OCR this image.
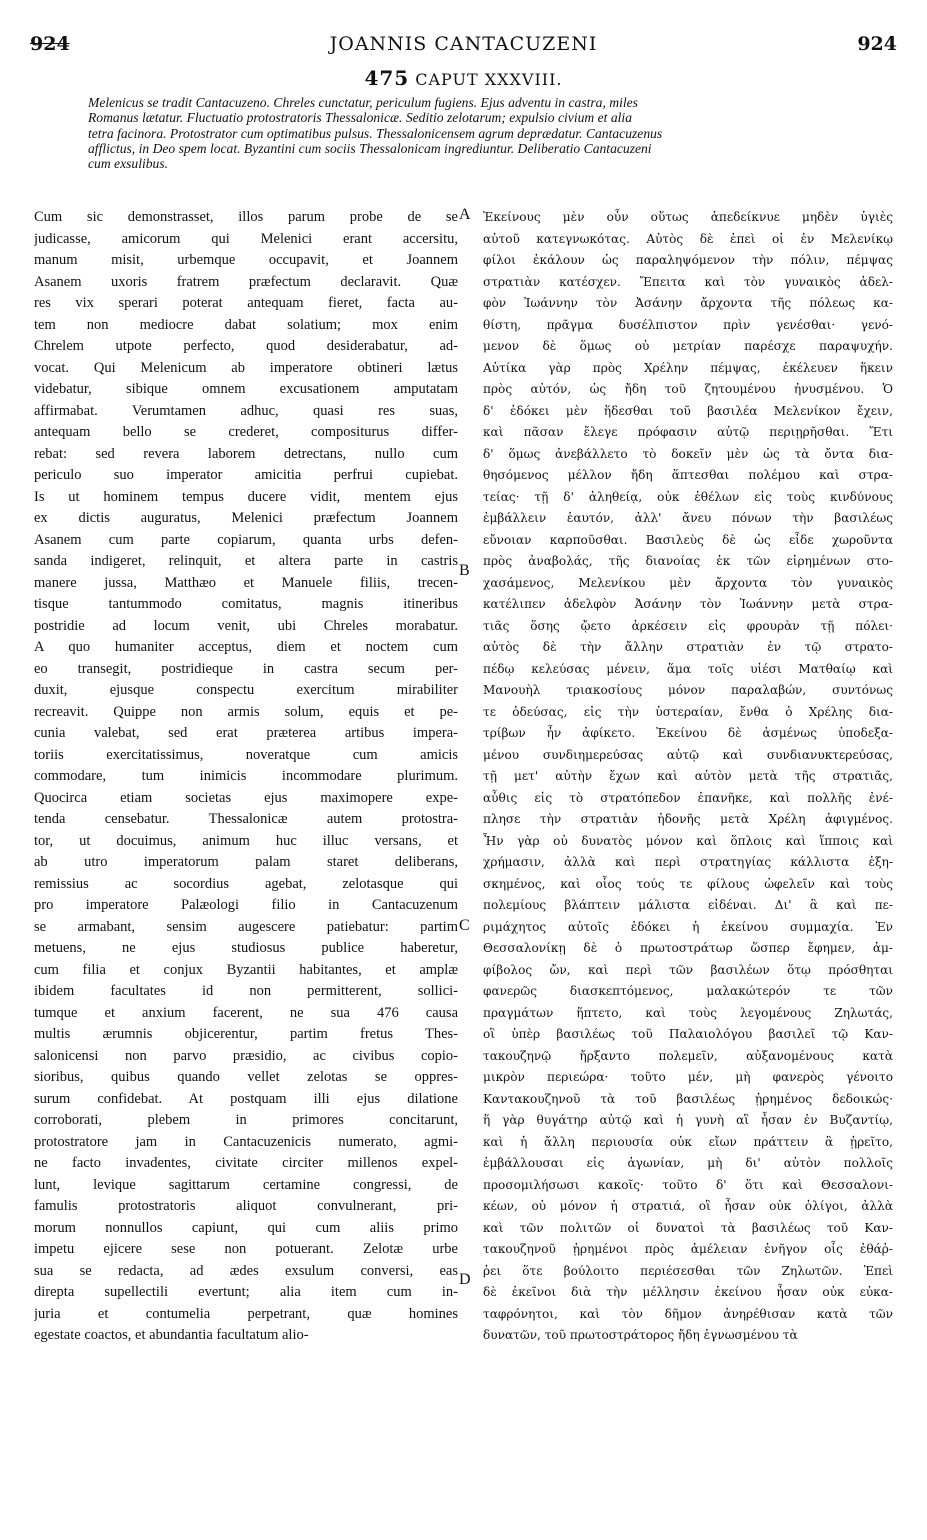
924	JOANNIS CANTACUZENI	924
475 CAPUT XXXVIII.
Melenicus se tradit Cantacuzeno. Chreles cunctatur, periculum fugiens. Ejus adventu in castra, miles
Romanus lætatur. Fluctuatio protostratoris Thessalonicæ. Seditio zelotarum; expulsio civium et alia
tetra facinora. Protostrator cum optimatibus pulsus. Thessalonicensem agrum deprædatur. Cantacuzenus
afflictus, in Deo spem locat. Byzantini cum sociis Thessalonicam ingrediuntur. Deliberatio Cantacuzeni
cum exsulibus.
Cum sic demonstrasset, illos parum probe de se
judicasse, amicorum qui Melenici erant accersitu,
manum misit, urbemque occupavit, et Joannem
Asanem uxoris fratrem præfectum declaravit. Quæ
res vix sperari poterat antequam fieret, facta au-
tem non mediocre dabat solatium; mox enim
Chrelem utpote perfecto, quod desiderabatur, ad-
vocat. Qui Melenicum ab imperatore obtineri lætus
videbatur, sibique omnem excusationem amputatam
affirmabat. Verumtamen adhuc, quasi res suas,
antequam bello se crederet, compositurus differ-
rebat: sed revera laborem detrectans, nullo cum
periculo suo imperator amicitia perfrui cupiebat.
Is ut hominem tempus ducere vidit, mentem ejus
ex dictis auguratus, Melenici præfectum Joannem
Asanem cum parte copiarum, quanta urbs defen-
sanda indigeret, relinquit, et altera parte in castris
manere jussa, Matthæo et Manuele filiis, trecen-
tisque tantummodo comitatus, magnis itineribus
postridie ad locum venit, ubi Chreles morabatur.
A quo humaniter acceptus, diem et noctem cum
eo transegit, postridieque in castra secum per-
duxit, ejusque conspectu exercitum mirabiliter
recreavit. Quippe non armis solum, equis et pe-
cunia valebat, sed erat præterea artibus impera-
toriis exercitatissimus, noveratque cum amicis
commodare, tum inimicis incommodare plurimum.
Quocirca etiam societas ejus maximopere expe-
tenda censebatur. Thessalonicæ autem protostra-
tor, ut docuimus, animum huc illuc versans, et
ab utro imperatorum palam staret deliberans,
remissius ac socordius agebat, zelotasque qui
pro imperatore Palæologi filio in Cantacuzenum
se armabant, sensim augescere patiebatur: partim
metuens, ne ejus studiosus publice haberetur,
cum filia et conjux Byzantii habitantes, et amplæ
ibidem facultates id non permitterent, sollici-
tumque et anxium facerent, ne sua 476 causa
multis ærumnis objicerentur, partim fretus Thes-
salonicensi non parvo præsidio, ac civibus copio-
sioribus, quibus quando vellet zelotas se oppres-
surum confidebat. At postquam illi ejus dilatione
corroborati, plebem in primores concitarunt,
protostratore jam in Cantacuzenicis numerato, agmi-
ne facto invadentes, civitate circiter millenos expel-
lunt, levique sagittarum certamine congressi, de
famulis protostratoris aliquot convulnerant, pri-
morum nonnullos capiunt, qui cum aliis primo
impetu ejicere sese non potuerant. Zelotæ urbe
sua se redacta, ad ædes exsulum conversi, eas
direpta supellectili evertunt; alia item cum in-
juria et contumelia perpetrant, quæ homines
egestate coactos, et abundantia facultatum alio-
Ἐκείνους μὲν οὖν οὕτως ἀπεδείκνυε μηδὲν ὑγιὲς
αὐτοῦ κατεγνωκότας. Αὐτὸς δὲ ἐπεὶ οἱ ἐν Μελενίκῳ
φίλοι ἐκάλουν ὡς παραληψόμενον τὴν πόλιν, πέμψας
στρατιὰν κατέσχεν. Ἔπειτα καὶ τὸν γυναικὸς ἀδελ-
φὸν Ἰωάννην τὸν Ἀσάνην ἄρχοντα τῆς πόλεως κα-
θίστη, πρᾶγμα δυσέλπιστον πρὶν γενέσθαι· γενό-
μενον δὲ ὅμως οὐ μετρίαν παρέσχε παραψυχήν.
Αὐτίκα γὰρ πρὸς Χρέλην πέμψας, ἐκέλευεν ἥκειν
πρὸς αὐτόν, ὡς ἤδη τοῦ ζητουμένου ἠνυσμένου. Ὁ
δ' ἐδόκει μὲν ἥδεσθαι τοῦ βασιλέα Μελενίκον ἔχειν,
καὶ πᾶσαν ἔλεγε πρόφασιν αὐτῷ περιῃρῆσθαι. Ἔτι
δ' ὅμως ἀνεβάλλετο τὸ δοκεῖν μὲν ὡς τὰ ὄντα δια-
θησόμενος μέλλον ἤδη ἅπτεσθαι πολέμου καὶ στρα-
τείας· τῇ δ' ἀληθείᾳ, οὐκ ἐθέλων εἰς τοὺς κινδύνους
ἐμβάλλειν ἑαυτόν, ἀλλ' ἄνευ πόνων τὴν βασιλέως
εὔνοιαν καρποῦσθαι. Βασιλεὺς δὲ ὡς εἶδε χωροῦντα
πρὸς ἀναβολάς, τῆς διανοίας ἐκ τῶν εἰρημένων στο-
χασάμενος, Μελενίκου μὲν ἄρχοντα τὸν γυναικὸς
κατέλιπεν ἀδελφὸν Ἀσάνην τὸν Ἰωάννην μετὰ στρα-
τιᾶς ὅσης ᾤετο ἀρκέσειν εἰς φρουρὰν τῇ πόλει·
αὐτὸς δὲ τὴν ἄλλην στρατιὰν ἐν τῷ στρατο-
πέδῳ κελεύσας μένειν, ἅμα τοῖς υἱέσι Ματθαίῳ καὶ
Μανουὴλ τριακοσίους μόνον παραλαβών, συντόνως
τε ὁδεύσας, εἰς τὴν ὑστεραίαν, ἔνθα ὁ Χρέλης δια-
τρίβων ἦν ἀφίκετο. Ἐκείνου δὲ ἀσμένως ὑποδεξα-
μένου συνδιημερεύσας αὐτῷ καὶ συνδιανυκτερεύσας,
τῇ μετ' αὐτὴν ἔχων καὶ αὐτὸν μετὰ τῆς στρατιᾶς,
αὖθις εἰς τὸ στρατόπεδον ἐπανῆκε, καὶ πολλῆς ἐνέ-
πλησε τὴν στρατιὰν ἡδονῆς μετὰ Χρέλη ἀφιγμένος.
Ἦν γὰρ οὐ δυνατὸς μόνον καὶ ὅπλοις καὶ ἵπποις καὶ
χρήμασιν, ἀλλὰ καὶ περὶ στρατηγίας κάλλιστα ἐξη-
σκημένος, καὶ οἷος τούς τε φίλους ὠφελεῖν καὶ τοὺς
πολεμίους βλάπτειν μάλιστα εἰδέναι. Δι' ἃ καὶ πε-
ριμάχητος αὐτοῖς ἐδόκει ἡ ἐκείνου συμμαχία. Ἐν
Θεσσαλονίκῃ δὲ ὁ πρωτοστράτωρ ὥσπερ ἔφημεν, ἀμ-
φίβολος ὤν, καὶ περὶ τῶν βασιλέων ὅτῳ πρόσθηται
φανερῶς διασκεπτόμενος, μαλακώτερόν τε τῶν
πραγμάτων ἥπτετο, καὶ τοὺς λεγομένους Ζηλωτάς,
οἳ ὑπὲρ βασιλέως τοῦ Παλαιολόγου βασιλεῖ τῷ Καν-
τακουζηνῷ ἤρξαντο πολεμεῖν, αὐξανομένους κατὰ
μικρὸν περιεώρα· τοῦτο μέν, μὴ φανερὸς γένοιτο
Καντακουζηνοῦ τὰ τοῦ βασιλέως ᾑρημένος δεδοικώς·
ἥ γὰρ θυγάτηρ αὐτῷ καὶ ἡ γυνὴ αἳ ἦσαν ἐν Βυζαντίῳ,
καὶ ἡ ἄλλη περιουσία οὐκ εἴων πράττειν ἃ ᾑρεῖτο,
ἐμβάλλουσαι εἰς ἀγωνίαν, μὴ δι' αὐτὸν πολλοῖς
προσομιλήσωσι κακοῖς· τοῦτο δ' ὅτι καὶ Θεσσαλονι-
κέων, οὐ μόνον ἡ στρατιά, οἳ ἦσαν οὐκ ὀλίγοι, ἀλλὰ
καὶ τῶν πολιτῶν οἱ δυνατοὶ τὰ βασιλέως τοῦ Καν-
τακουζηνοῦ ᾑρημένοι πρὸς ἀμέλειαν ἐνῆγον οἷς ἐθάῤ-
ῥει ὅτε βούλοιτο περιέσεσθαι τῶν Ζηλωτῶν. Ἐπεὶ
δὲ ἐκεῖνοι διὰ τὴν μέλλησιν ἐκείνου ἦσαν οὐκ εὐκα-
ταφρόνητοι, καὶ τὸν δῆμον ἀνηρέθισαν κατὰ τῶν
δυνατῶν, τοῦ πρωτοστράτορος ἤδη ἐγνωσμένου τὰ
A
B
C
D
